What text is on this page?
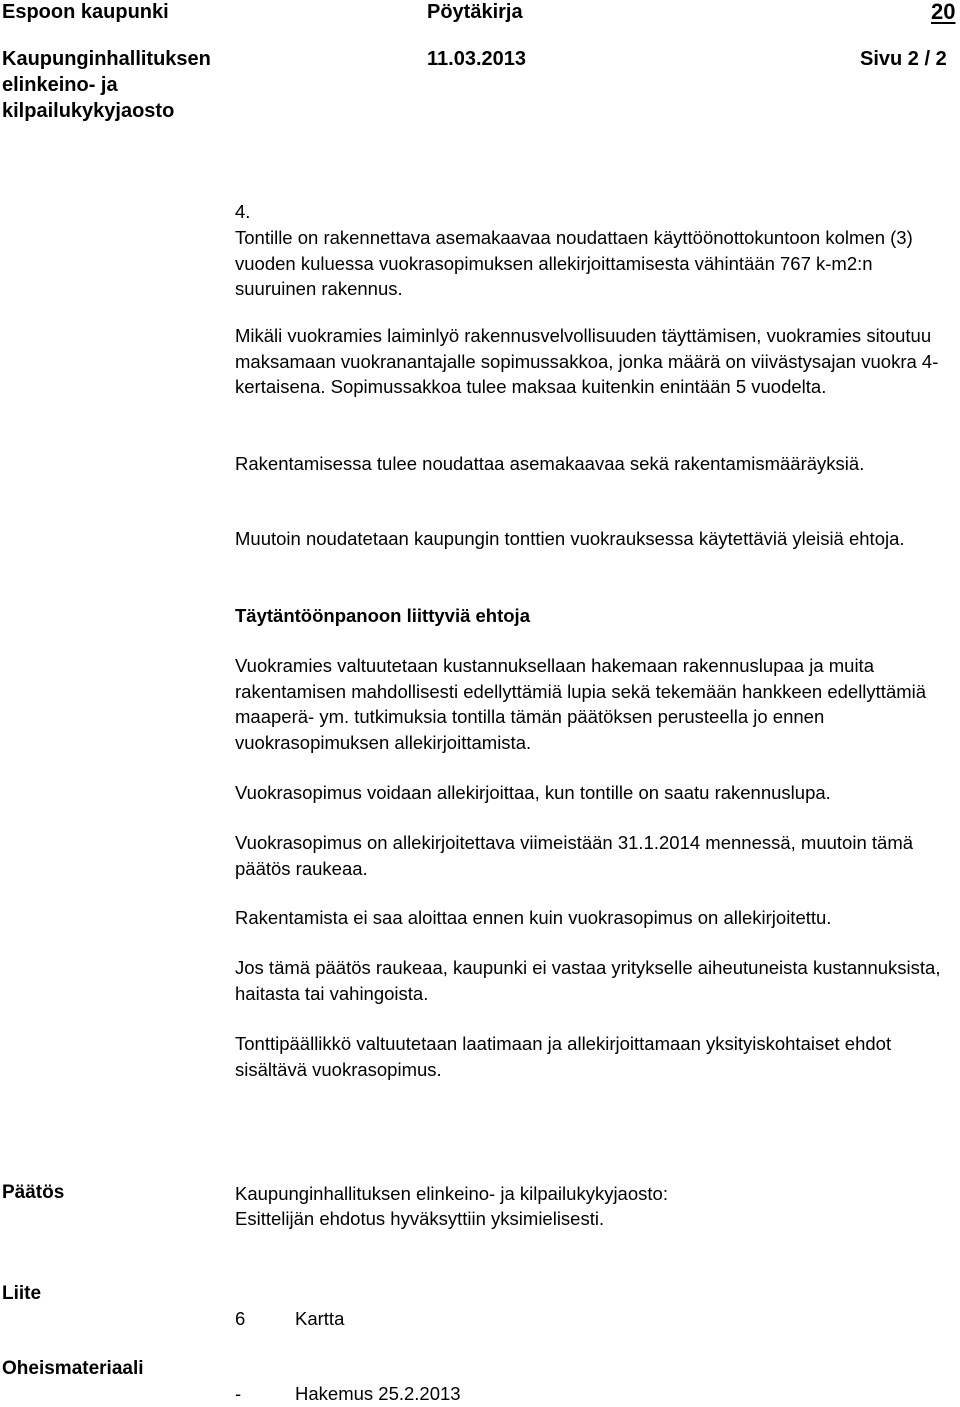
Espoon kaupunki	Pöytäkirja	20
Kaupunginhallituksen
elinkeino- ja
kilpailukykyjaosto
11.03.2013	Sivu 2 / 2

4.

Tontille on rakennettava asemakaavaa noudattaen käyttöönottokuntoon kolmen (3) vuoden kuluessa vuokrasopimuksen allekirjoittamisesta vähintään 767 k-m2:n suuruinen rakennus.

Mikäli vuokramies laiminlyö rakennusvelvollisuuden täyttämisen, vuokramies sitoutuu maksamaan vuokranantajalle sopimussakkoa, jonka määrä on viivästysajan vuokra 4-kertaisena. Sopimussakkoa tulee maksaa kuitenkin enintään 5 vuodelta.

Rakentamisessa tulee noudattaa asemakaavaa sekä rakentamismääräyksiä.

Muutoin noudatetaan kaupungin tonttien vuokrauksessa käytettäviä yleisiä ehtoja.

Täytäntöönpanoon liittyviä ehtoja

Vuokramies valtuutetaan kustannuksellaan hakemaan rakennuslupaa ja muita rakentamisen mahdollisesti edellyttämiä lupia sekä tekemään hankkeen edellyttämiä maaperä- ym. tutkimuksia tontilla tämän päätöksen perusteella jo ennen vuokrasopimuksen allekirjoittamista.

Vuokrasopimus voidaan allekirjoittaa, kun tontille on saatu rakennuslupa.

Vuokrasopimus on allekirjoitettava viimeistään 31.1.2014 mennessä, muutoin tämä päätös raukeaa.

Rakentamista ei saa aloittaa ennen kuin vuokrasopimus on allekirjoitettu.

Jos tämä päätös raukeaa, kaupunki ei vastaa yritykselle aiheutuneista kustannuksista, haitasta tai vahingoista.

Tonttipäällikkö valtuutetaan laatimaan ja allekirjoittamaan yksityiskohtaiset ehdot sisältävä vuokrasopimus.

Päätös	Kaupunginhallituksen elinkeino- ja kilpailukykyjaosto:
Esittelijän ehdotus hyväksyttiin yksimielisesti.
Liite
6	Kartta
Oheismateriaali
-	Hakemus 25.2.2013
